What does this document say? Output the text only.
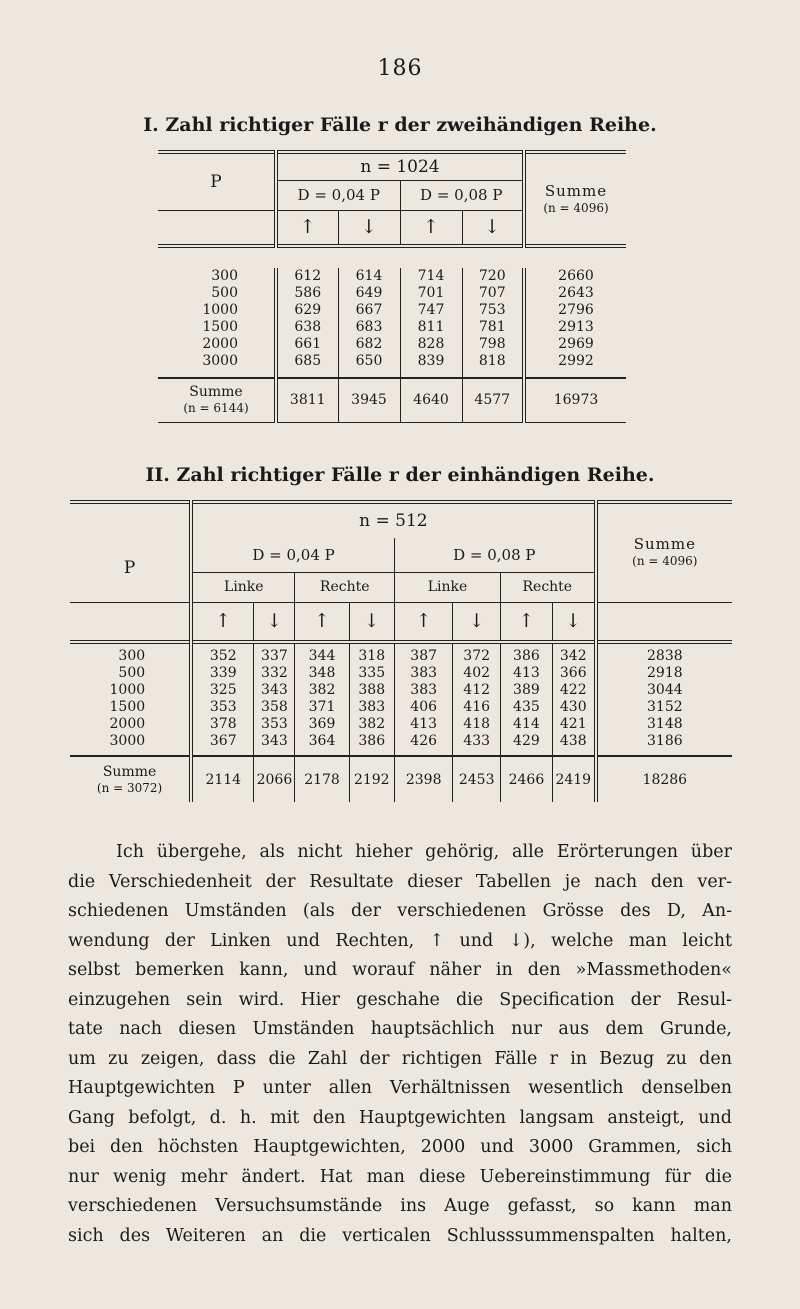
186
I. Zahl richtiger Fälle r der zweihändigen Reihe.
P	n = 1024				Summe
(n = 4096)
	D = 0,04 P		D = 0,08 P		
	↑	↓	↑	↓	

300	612	614	714	720	2660
500	586	649	701	707	2643
1000	629	667	747	753	2796
1500	638	683	811	781	2913
2000	661	682	828	798	2969
3000	685	650	839	818	2992

Summe
(n = 6144)	3811	3945	4640	4577	16973
II. Zahl richtiger Fälle r der einhändigen Reihe.
P	n = 512								Summe
(n = 4096)
	D = 0,04 P				D = 0,08 P				
	Linke		Rechte		Linke		Rechte		
	↑	↓	↑	↓	↑	↓	↑	↓	

300	352	337	344	318	387	372	386	342	2838
500	339	332	348	335	383	402	413	366	2918
1000	325	343	382	388	383	412	389	422	3044
1500	353	358	371	383	406	416	435	430	3152
2000	378	353	369	382	413	418	414	421	3148
3000	367	343	364	386	426	433	429	438	3186

Summe
(n = 3072)	2114	2066	2178	2192	2398	2453	2466	2419	18286
Ich übergehe, als nicht hieher gehörig, alle Erörterungen über
die Verschiedenheit der Resultate dieser Tabellen je nach den ver-
schiedenen Umständen (als der verschiedenen Grösse des D, An-
wendung der Linken und Rechten, ↑ und ↓), welche man leicht
selbst bemerken kann, und worauf näher in den »Massmethoden«
einzugehen sein wird. Hier geschahe die Specification der Resul-
tate nach diesen Umständen hauptsächlich nur aus dem Grunde,
um zu zeigen, dass die Zahl der richtigen Fälle r in Bezug zu den
Hauptgewichten P unter allen Verhältnissen wesentlich denselben
Gang befolgt, d. h. mit den Hauptgewichten langsam ansteigt, und
bei den höchsten Hauptgewichten, 2000 und 3000 Grammen, sich
nur wenig mehr ändert. Hat man diese Uebereinstimmung für die
verschiedenen Versuchsumstände ins Auge gefasst, so kann man
sich des Weiteren an die verticalen Schlusssummenspalten halten,
